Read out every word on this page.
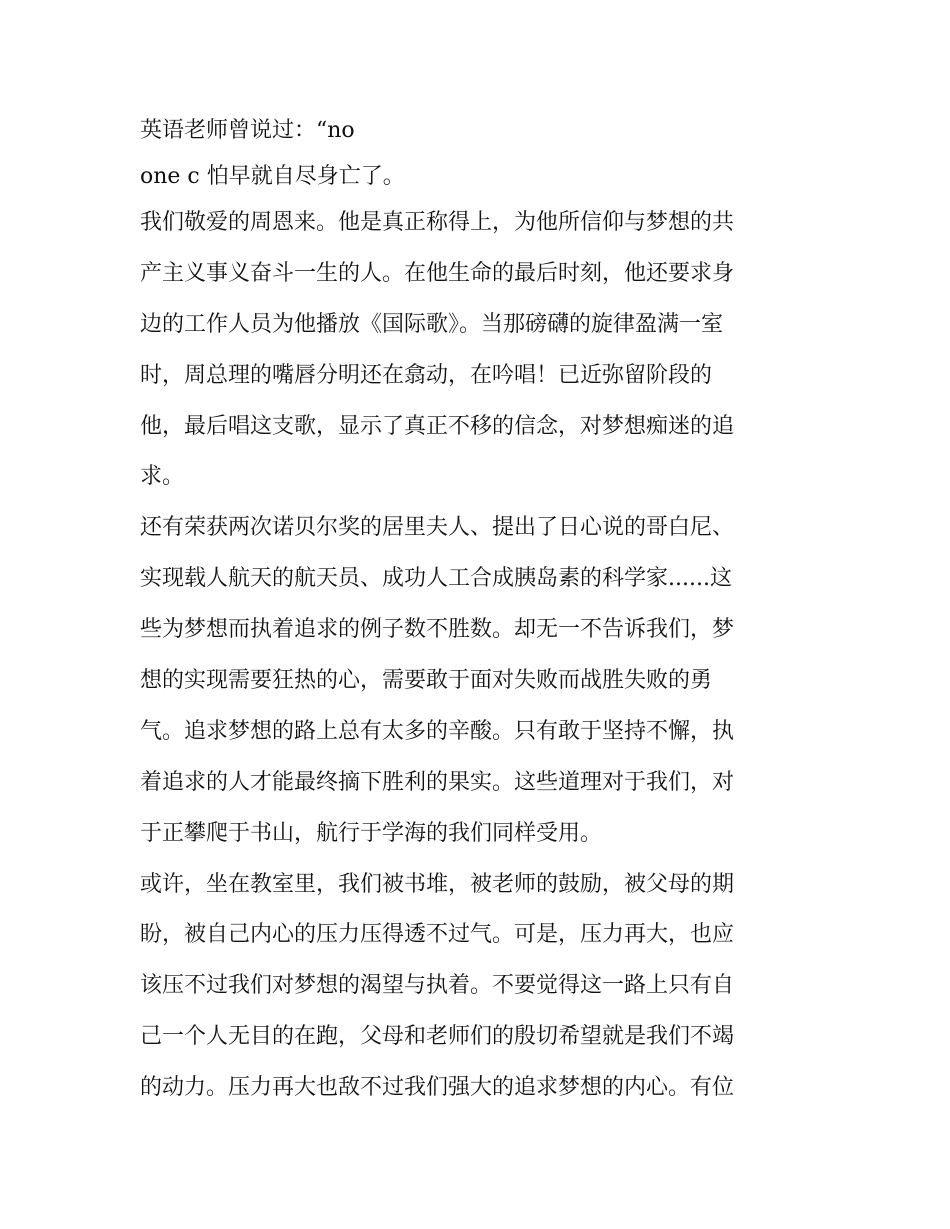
英语老师曾说过：“no
one c 怕早就自尽身亡了。
我们敬爱的周恩来。他是真正称得上，为他所信仰与梦想的共
产主义事义奋斗一生的人。在他生命的最后时刻，他还要求身
边的工作人员为他播放《国际歌》。当那磅礴的旋律盈满一室
时，周总理的嘴唇分明还在翕动，在吟唱！已近弥留阶段的
他，最后唱这支歌，显示了真正不移的信念，对梦想痴迷的追
求。
还有荣获两次诺贝尔奖的居里夫人、提出了日心说的哥白尼、
实现载人航天的航天员、成功人工合成胰岛素的科学家......这
些为梦想而执着追求的例子数不胜数。却无一不告诉我们，梦
想的实现需要狂热的心，需要敢于面对失败而战胜失败的勇
气。追求梦想的路上总有太多的辛酸。只有敢于坚持不懈，执
着追求的人才能最终摘下胜利的果实。这些道理对于我们，对
于正攀爬于书山，航行于学海的我们同样受用。
或许，坐在教室里，我们被书堆，被老师的鼓励，被父母的期
盼，被自己内心的压力压得透不过气。可是，压力再大，也应
该压不过我们对梦想的渴望与执着。不要觉得这一路上只有自
己一个人无目的在跑，父母和老师们的殷切希望就是我们不竭
的动力。压力再大也敌不过我们强大的追求梦想的内心。有位
